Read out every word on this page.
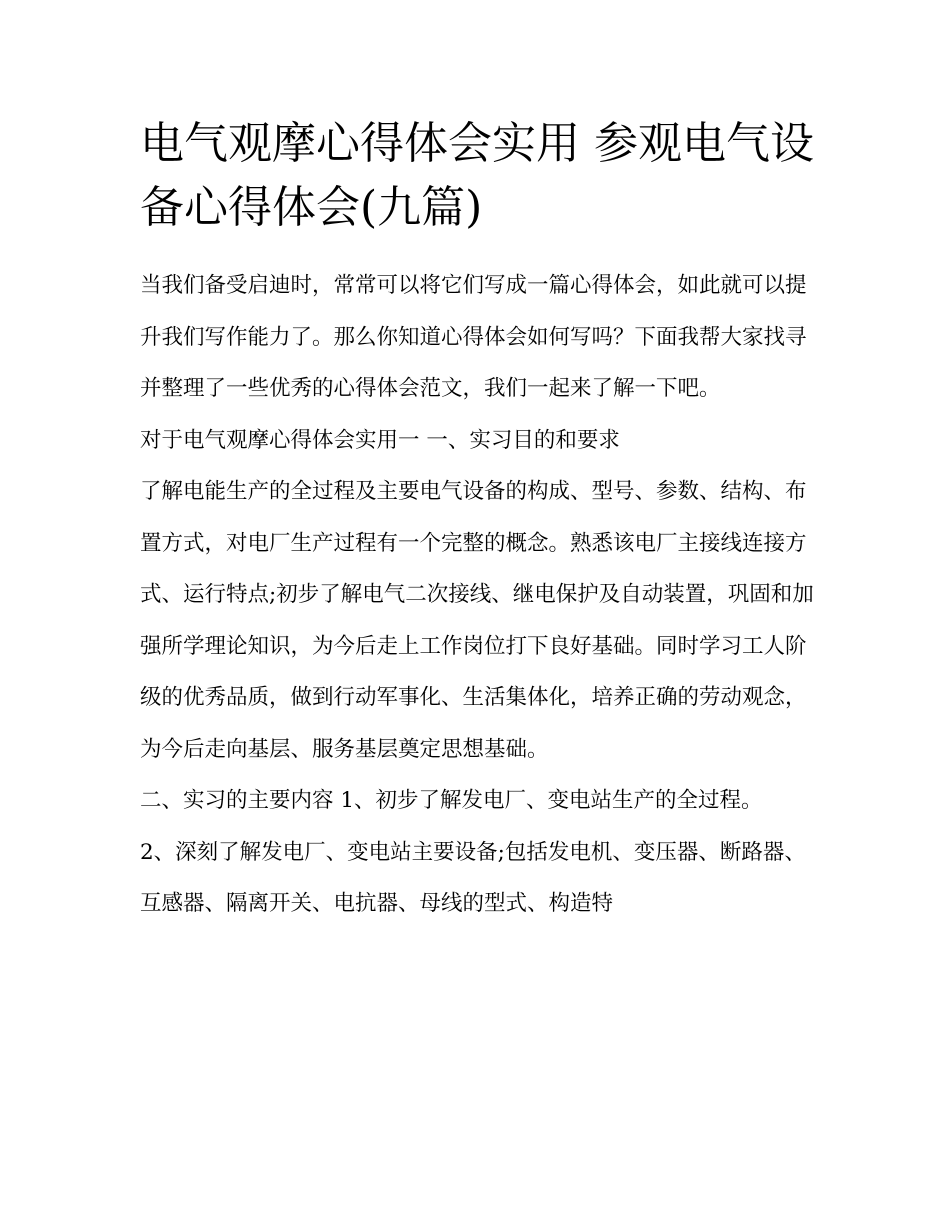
电气观摩心得体会实用 参观电气设备心得体会(九篇)

当我们备受启迪时，常常可以将它们写成一篇心得体会，如此就可以提升我们写作能力了。那么你知道心得体会如何写吗？下面我帮大家找寻并整理了一些优秀的心得体会范文，我们一起来了解一下吧。

对于电气观摩心得体会实用一 一、实习目的和要求

了解电能生产的全过程及主要电气设备的构成、型号、参数、结构、布置方式，对电厂生产过程有一个完整的概念。熟悉该电厂主接线连接方式、运行特点;初步了解电气二次接线、继电保护及自动装置，巩固和加强所学理论知识，为今后走上工作岗位打下良好基础。同时学习工人阶级的优秀品质，做到行动军事化、生活集体化，培养正确的劳动观念，为今后走向基层、服务基层奠定思想基础。

二、实习的主要内容 1、初步了解发电厂、变电站生产的全过程。

2、深刻了解发电厂、变电站主要设备;包括发电机、变压器、断路器、互感器、隔离开关、电抗器、母线的型式、构造特
